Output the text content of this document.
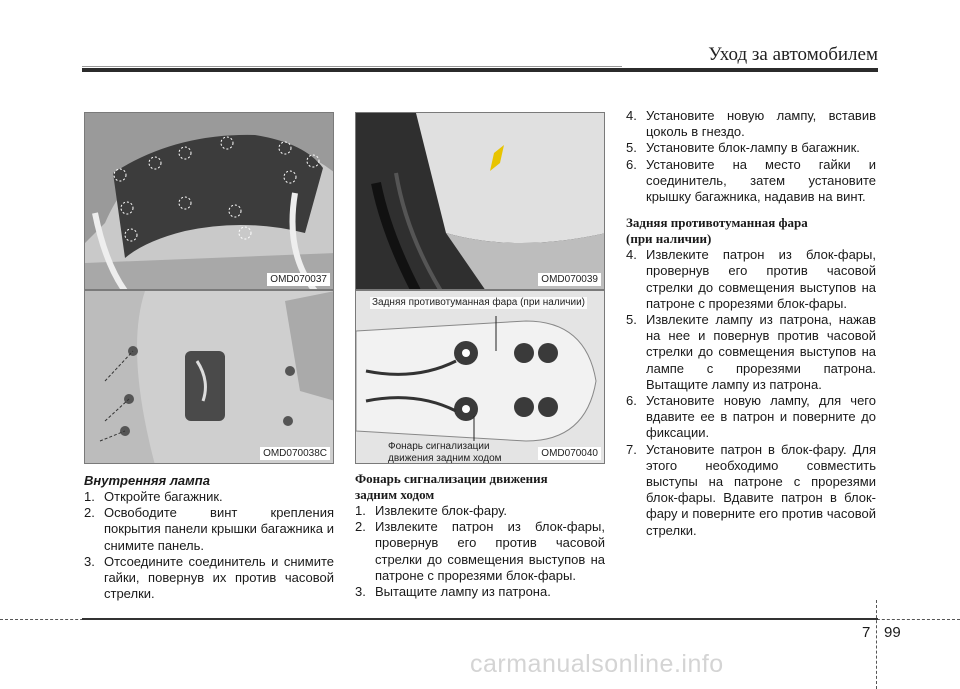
Уход за автомобилем
OMD070037
OMD070038C
Внутренняя лампа
1. Откройте багажник.
2. Освободите винт крепления покрытия панели крышки багажника и снимите панель.
3. Отсоедините соединитель и снимите гайки, повернув их против часовой стрелки.
OMD070039
Задняя противотуманная фара (при наличии)
Фонарь сигнализации
движения задним ходом	OMD070040
Фонарь сигнализации движения
задним ходом
1. Извлеките блок-фару.
2. Извлеките патрон из блок-фары, провернув его против часовой стрелки до совмещения выступов на патроне с прорезями блок-фары.
3. Вытащите лампу из патрона.
4. Установите новую лампу, вставив цоколь в гнездо.
5. Установите блок-лампу в багажник.
6. Установите на место гайки и соединитель, затем установите крышку багажника, надавив на винт.
Задняя противотуманная фара
(при наличии)
4. Извлеките патрон из блок-фары, провернув его против часовой стрелки до совмещения выступов на патроне с прорезями блок-фары.
5. Извлеките лампу из патрона, нажав на нее и повернув против часовой стрелки до совмещения выступов на лампе с прорезями патрона. Вытащите лампу из патрона.
6. Установите новую лампу, для чего вдавите ее в патрон и поверните до фиксации.
7. Установите патрон в блок-фару. Для этого необходимо совместить выступы на патроне с прорезями блок-фары. Вдавите патрон в блок-фару и поверните его против часовой стрелки.
7 99
carmanualsonline.info
